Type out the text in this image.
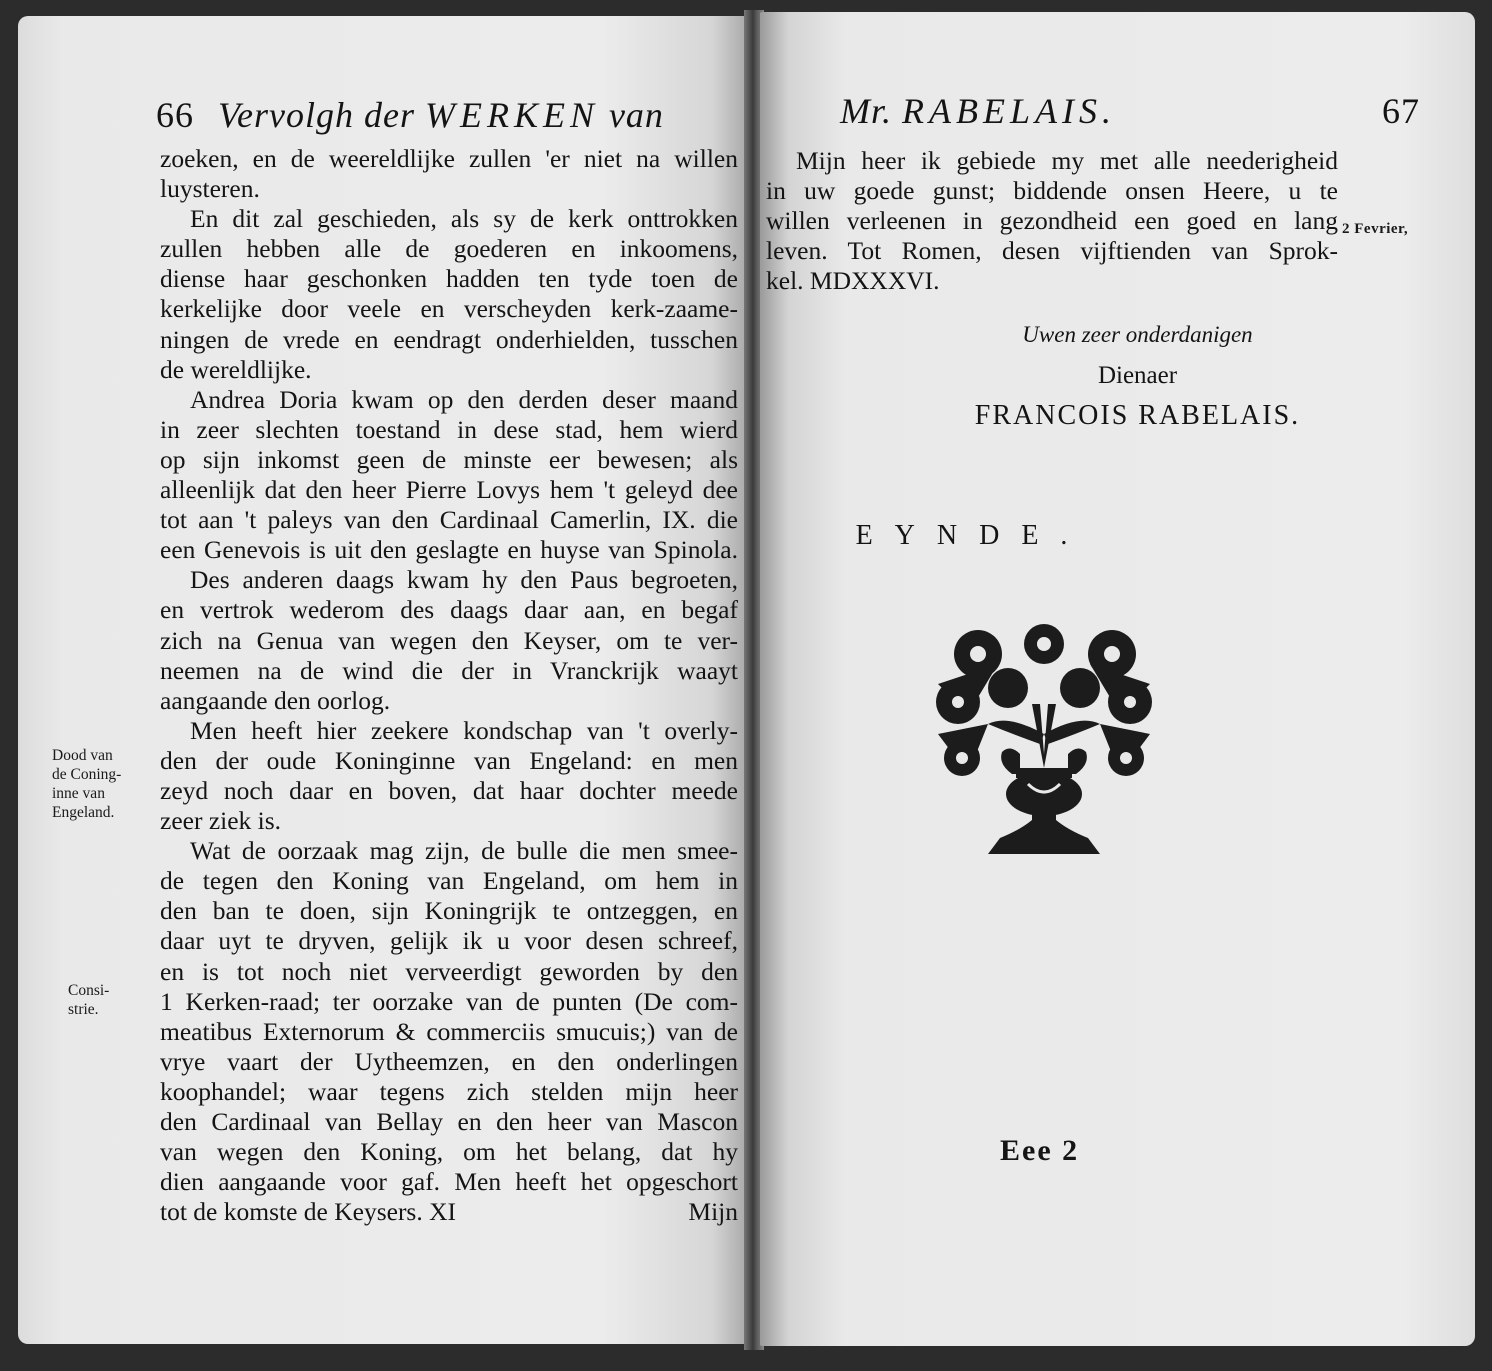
66 Vervolgh der WERKEN van
zoeken, en de weereldlijke zullen 'er niet na willen
luysteren.
En dit zal geschieden, als sy de kerk onttrokken
zullen hebben alle de goederen en inkoomens,
diense haar geschonken hadden ten tyde toen de
kerkelijke door veele en verscheyden kerk-zaame-
ningen de vrede en eendragt onderhielden, tusschen
de wereldlijke.
Andrea Doria kwam op den derden deser maand
in zeer slechten toestand in dese stad, hem wierd
op sijn inkomst geen de minste eer bewesen; als
alleenlijk dat den heer Pierre Lovys hem 't geleyd dee
tot aan 't paleys van den Cardinaal Camerlin, IX. die
een Genevois is uit den geslagte en huyse van Spinola.
Des anderen daags kwam hy den Paus begroeten,
en vertrok wederom des daags daar aan, en begaf
zich na Genua van wegen den Keyser, om te ver-
neemen na de wind die der in Vranckrijk waayt
aangaande den oorlog.
Men heeft hier zeekere kondschap van 't overly-
den der oude Koninginne van Engeland: en men
zeyd noch daar en boven, dat haar dochter meede
zeer ziek is.
Wat de oorzaak mag zijn, de bulle die men smee-
de tegen den Koning van Engeland, om hem in
den ban te doen, sijn Koningrijk te ontzeggen, en
daar uyt te dryven, gelijk ik u voor desen schreef,
en is tot noch niet verveerdigt geworden by den
1 Kerken-raad; ter oorzake van de punten (De com-
meatibus Externorum & commerciis smucuis;) van de
vrye vaart der Uytheemzen, en den onderlingen
koophandel; waar tegens zich stelden mijn heer
den Cardinaal van Bellay en den heer van Mascon
van wegen den Koning, om het belang, dat hy
dien aangaande voor gaf. Men heeft het opgeschort
tot de komste de Keysers. XI	Mijn
Dood van
de Coning-
inne van
Engeland.
Consi-
strie.
Mr. RABELAIS.	67
Mijn heer ik gebiede my met alle neederigheid
in uw goede gunst; biddende onsen Heere, u te
willen verleenen in gezondheid een goed en lang
leven. Tot Romen, desen vijftienden van Sprok-
kel. MDXXXVI.
2 Fevrier,
Uwen zeer onderdanigen
Dienaer
FRANCOIS RABELAIS.
EYNDE.
Eee 2
